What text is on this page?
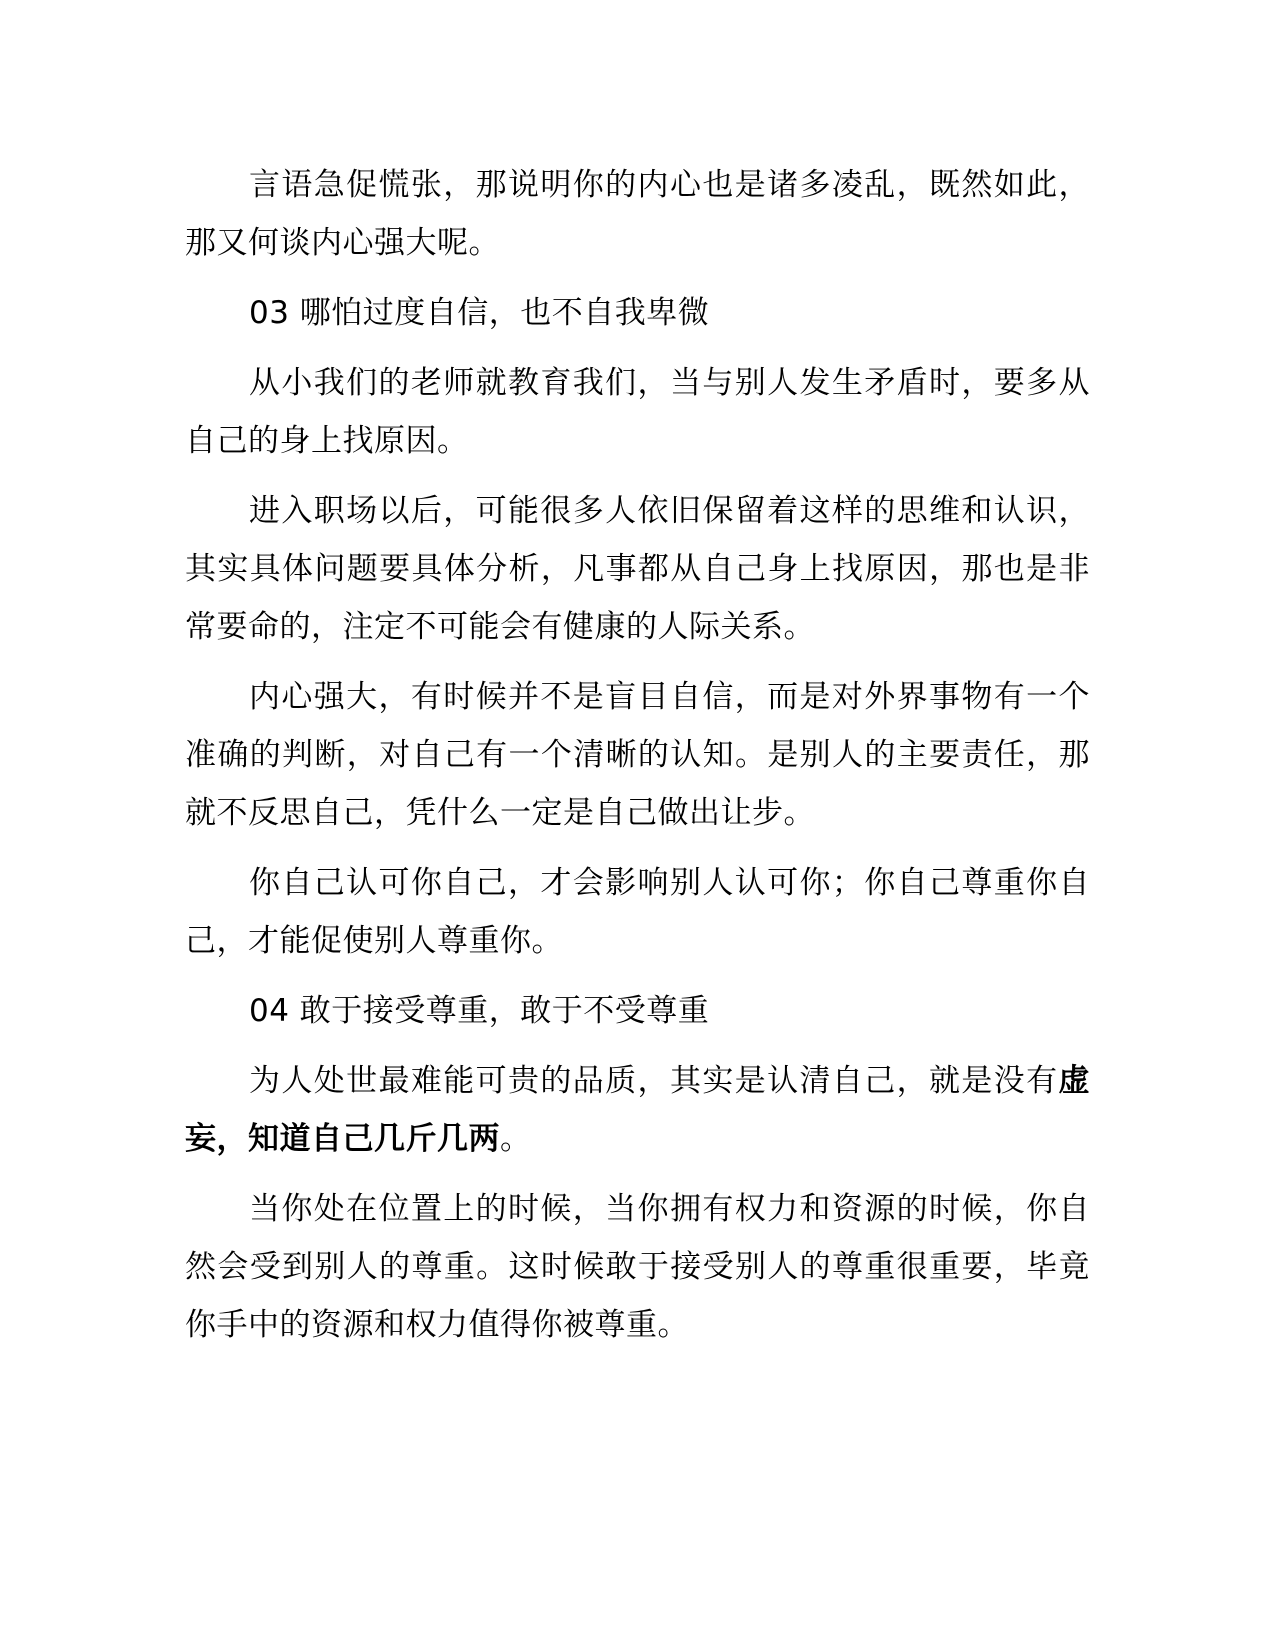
言语急促慌张，那说明你的内心也是诸多凌乱，既然如此，那又何谈内心强大呢。

03 哪怕过度自信，也不自我卑微

从小我们的老师就教育我们，当与别人发生矛盾时，要多从自己的身上找原因。

进入职场以后，可能很多人依旧保留着这样的思维和认识，其实具体问题要具体分析，凡事都从自己身上找原因，那也是非常要命的，注定不可能会有健康的人际关系。

内心强大，有时候并不是盲目自信，而是对外界事物有一个准确的判断，对自己有一个清晰的认知。是别人的主要责任，那就不反思自己，凭什么一定是自己做出让步。

你自己认可你自己，才会影响别人认可你；你自己尊重你自己，才能促使别人尊重你。

04 敢于接受尊重，敢于不受尊重

为人处世最难能可贵的品质，其实是认清自己，就是没有虚妄，知道自己几斤几两。

当你处在位置上的时候，当你拥有权力和资源的时候，你自然会受到别人的尊重。这时候敢于接受别人的尊重很重要，毕竟你手中的资源和权力值得你被尊重。
